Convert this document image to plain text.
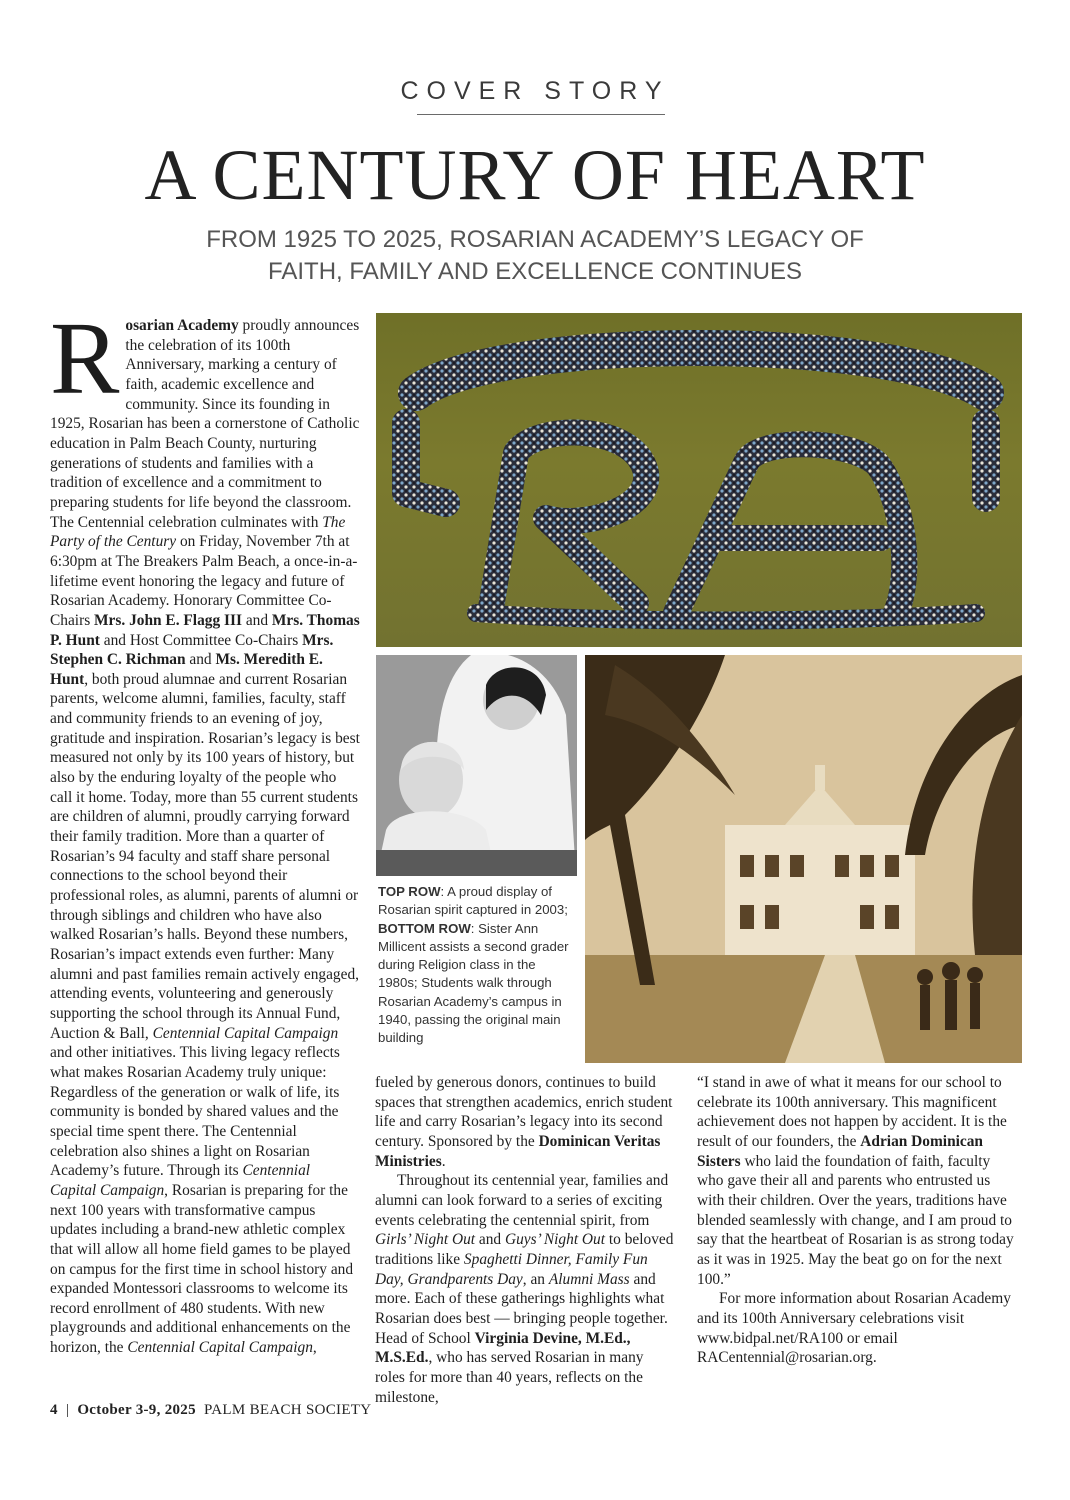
COVER STORY
A CENTURY OF HEART
FROM 1925 TO 2025, ROSARIAN ACADEMY’S LEGACY OF
FAITH, FAMILY AND EXCELLENCE CONTINUES

Rosarian Academy proudly announces the celebration of its 100th Anniversary, marking a century of faith, academic excellence and community. Since its founding in 1925, Rosarian has been a cornerstone of Catholic education in Palm Beach County, nurturing generations of students and families with a tradition of excellence and a commitment to preparing students for life beyond the classroom. The Centennial celebration culminates with The Party of the Century on Friday, November 7th at 6:30pm at The Breakers Palm Beach, a once-in-a-lifetime event honoring the legacy and future of Rosarian Academy. Honorary Committee Co-Chairs Mrs. John E. Flagg III and Mrs. Thomas P. Hunt and Host Committee Co-Chairs Mrs. Stephen C. Richman and Ms. Meredith E. Hunt, both proud alumnae and current Rosarian parents, welcome alumni, families, faculty, staff and community friends to an evening of joy, gratitude and inspiration. Rosarian’s legacy is best measured not only by its 100 years of history, but also by the enduring loyalty of the people who call it home. Today, more than 55 current students are children of alumni, proudly carrying forward their family tradition. More than a quarter of Rosarian’s 94 faculty and staff share personal connections to the school beyond their professional roles, as alumni, parents of alumni or through siblings and children who have also walked Rosarian’s halls. Beyond these numbers, Rosarian’s impact extends even further: Many alumni and past families remain actively engaged, attending events, volunteering and generously supporting the school through its Annual Fund, Auction & Ball, Centennial Capital Campaign and other initiatives. This living legacy reflects what makes Rosarian Academy truly unique: Regardless of the generation or walk of life, its community is bonded by shared values and the special time spent there. The Centennial celebration also shines a light on Rosarian Academy’s future. Through its Centennial Capital Campaign, Rosarian is preparing for the next 100 years with transformative campus updates including a brand-new athletic complex that will allow all home field games to be played on campus for the first time in school history and expanded Montessori classrooms to welcome its record enrollment of 480 students. With new playgrounds and additional enhancements on the horizon, the Centennial Capital Campaign,

TOP ROW: A proud display of Rosarian spirit captured in 2003; BOTTOM ROW: Sister Ann Millicent assists a second grader during Religion class in the 1980s; Students walk through Rosarian Academy’s campus in 1940, passing the original main building

fueled by generous donors, continues to build spaces that strengthen academics, enrich student life and carry Rosarian’s legacy into its second century. Sponsored by the Dominican Veritas Ministries.

Throughout its centennial year, families and alumni can look forward to a series of exciting events celebrating the centennial spirit, from Girls’ Night Out and Guys’ Night Out to beloved traditions like Spaghetti Dinner, Family Fun Day, Grandparents Day, an Alumni Mass and more. Each of these gatherings highlights what Rosarian does best — bringing people together. Head of School Virginia Devine, M.Ed., M.S.Ed., who has served Rosarian in many roles for more than 40 years, reflects on the milestone,

“I stand in awe of what it means for our school to celebrate its 100th anniversary. This magnificent achievement does not happen by accident. It is the result of our founders, the Adrian Dominican Sisters who laid the foundation of faith, faculty who gave their all and parents who entrusted us with their children. Over the years, traditions have blended seamlessly with change, and I am proud to say that the heartbeat of Rosarian is as strong today as it was in 1925. May the beat go on for the next 100.”

For more information about Rosarian Academy and its 100th Anniversary celebrations visit www.bidpal.net/RA100 or email RACentennial@rosarian.org.

4 | October 3-9, 2025 PALM BEACH SOCIETY
